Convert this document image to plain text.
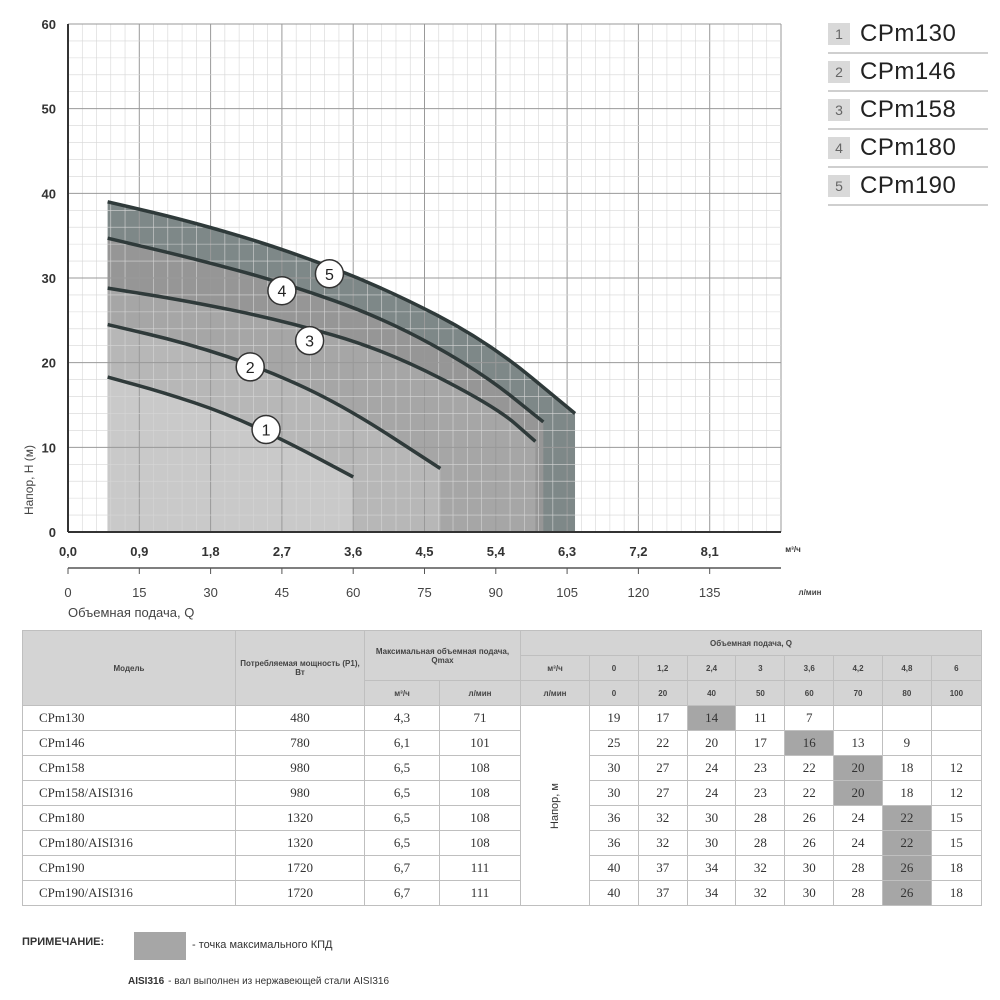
0
10
20
30
40
50
60
0,0	0,9	1,8	2,7	3,6	4,5	5,4	6,3	7,2	8,1
0	15	30	45	60	75	90	105	120	135
м³/ч
л/мин
Объемная подача, Q
Напор, H (м)
1
2
3
4
5
1 CPm130
2 CPm146
3 CPm158
4 CPm180
5 CPm190
Модель	Потребляемая мощность (P1), Вт	Максимальная объемная подача, Qmax		Объемная подача, Q								
				м³/ч	0	1,2	2,4	3	3,6	4,2	4,8	6
		м³/ч	л/мин	л/мин	0	20	40	50	60	70	80	100
CPm130	480	4,3	71	Напор, м	19	17	14	11	7			
CPm146	780	6,1	101		25	22	20	17	16	13	9	
CPm158	980	6,5	108		30	27	24	23	22	20	18	12
CPm158/AISI316	980	6,5	108		30	27	24	23	22	20	18	12
CPm180	1320	6,5	108		36	32	30	28	26	24	22	15
CPm180/AISI316	1320	6,5	108		36	32	30	28	26	24	22	15
CPm190	1720	6,7	111		40	37	34	32	30	28	26	18
CPm190/AISI316	1720	6,7	111		40	37	34	32	30	28	26	18
ПРИМЕЧАНИЕ:	- точка максимального КПД
AISI316 - вал выполнен из нержавеющей стали AISI316
